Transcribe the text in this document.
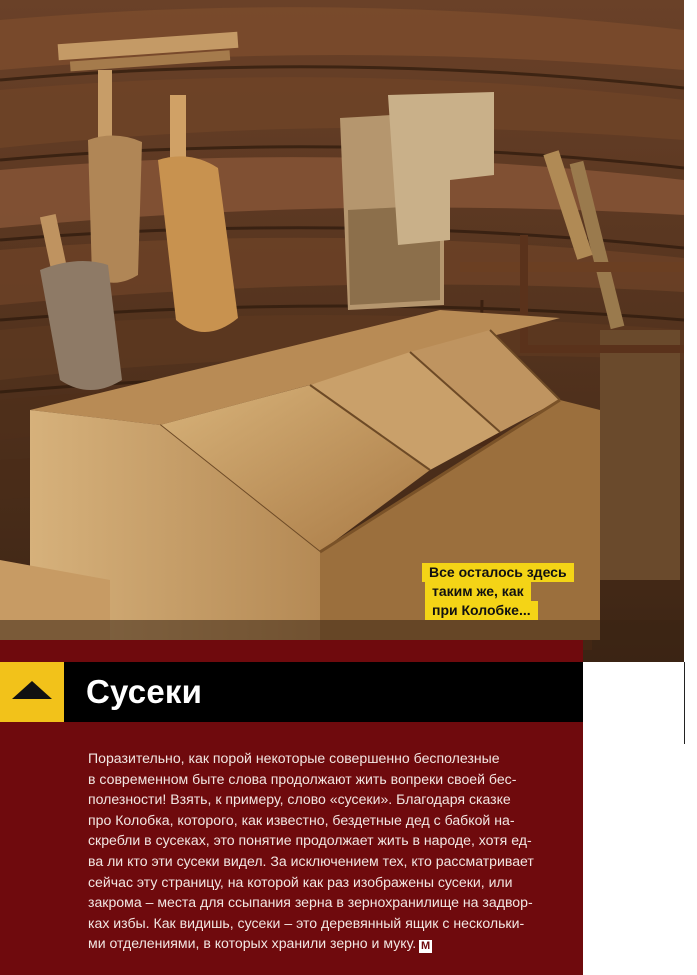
Все осталось здесь
таким же, как
при Колобке...
Сусеки
Поразительно, как порой некоторые совершенно бесполезные
в современном быте слова продолжают жить вопреки своей бес-
полезности! Взять, к примеру, слово «сусеки». Благодаря сказке
про Колобка, которого, как известно, бездетные дед с бабкой на-
скребли в сусеках, это понятие продолжает жить в народе, хотя ед-
ва ли кто эти сусеки видел. За исключением тех, кто рассматривает
сейчас эту страницу, на которой как раз изображены сусеки, или
закрома – места для ссыпания зерна в зернохранилище на задвор-
ках избы. Как видишь, сусеки – это деревянный ящик с нескольки-
ми отделениями, в которых хранили зерно и муку. M
